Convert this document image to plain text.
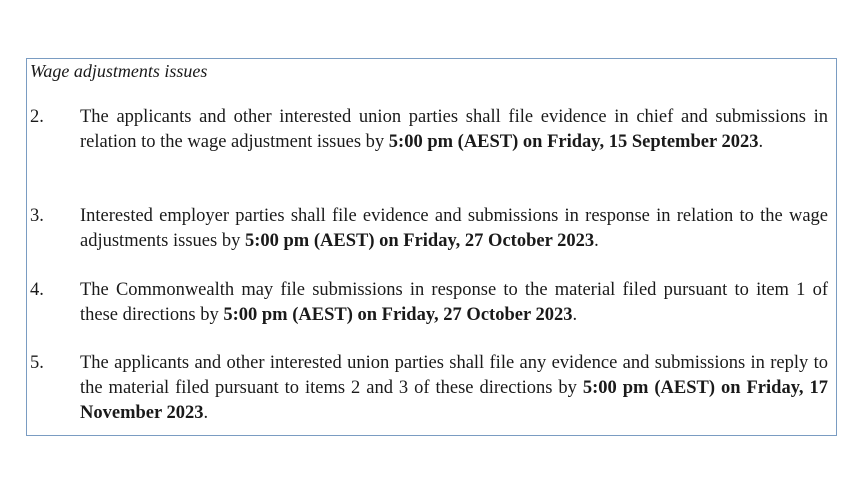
Wage adjustments issues

2.	The applicants and other interested union parties shall file evidence in chief and submissions in relation to the wage adjustment issues by 5:00 pm (AEST) on Friday, 15 September 2023.
3.	Interested employer parties shall file evidence and submissions in response in relation to the wage adjustments issues by 5:00 pm (AEST) on Friday, 27 October 2023.
4.	The Commonwealth may file submissions in response to the material filed pursuant to item 1 of these directions by 5:00 pm (AEST) on Friday, 27 October 2023.
5.	The applicants and other interested union parties shall file any evidence and submissions in reply to the material filed pursuant to items 2 and 3 of these directions by 5:00 pm (AEST) on Friday, 17 November 2023.
